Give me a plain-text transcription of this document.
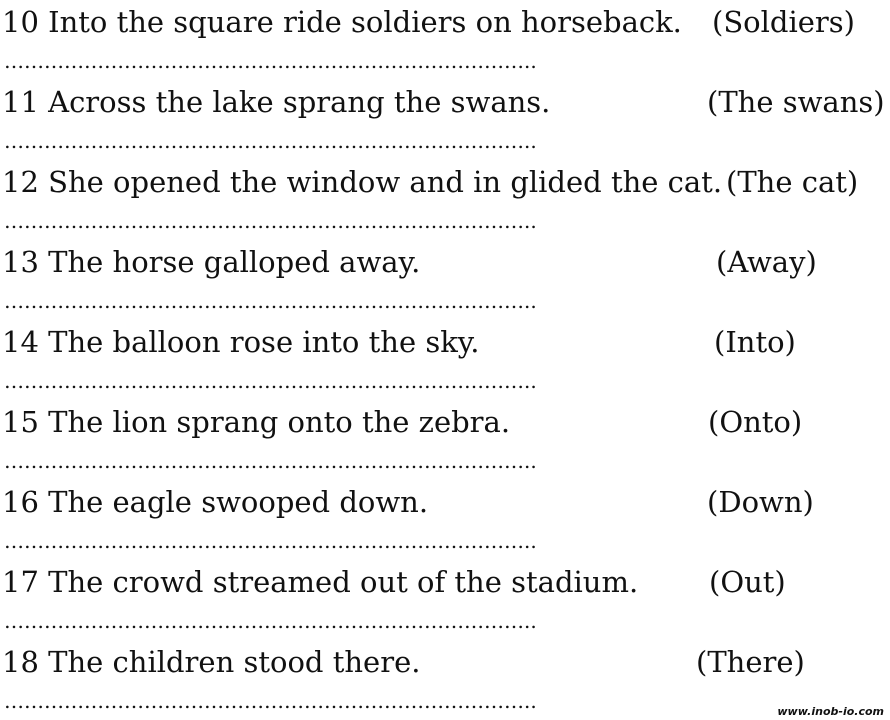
10 Into the square ride soldiers on horseback. (Soldiers)
……………………………………………………………………..
11 Across the lake sprang the swans.	(The swans)
……………………………………………………………………..
12 She opened the window and in glided the cat. (The cat)
……………………………………………………………………..
13 The horse galloped away.	(Away)
……………………………………………………………………..
14 The balloon rose into the sky.	(Into)
……………………………………………………………………..
15 The lion sprang onto the zebra.	(Onto)
……………………………………………………………………..
16 The eagle swooped down.	(Down)
……………………………………………………………………..
17 The crowd streamed out of the stadium. (Out)
……………………………………………………………………..
18 The children stood there.	(There)
……………………………………………………………………..	www.inob-io.com
